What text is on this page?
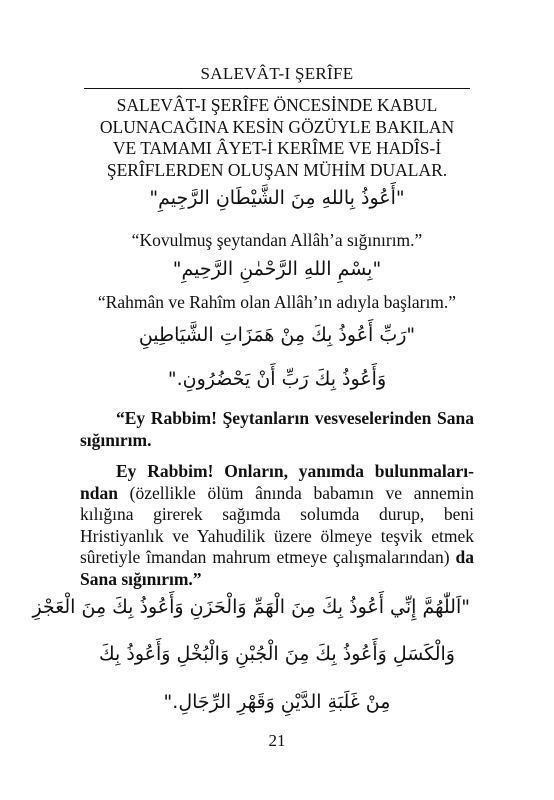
SALEVÂT-I ŞERÎFE
SALEVÂT-I ŞERÎFE ÖNCESİNDE KABUL
OLUNACAĞINA KESİN GÖZÜYLE BAKILAN
VE TAMAMI ÂYET-İ KERÎME VE HADÎS-İ
ŞERÎFLERDEN OLUŞAN MÜHİM DUALAR.
"أَعُوذُ بِاللهِ مِنَ الشَّيْطَانِ الرَّجِيمِ"
“Kovulmuş şeytandan Allâh’a sığınırım.”
"بِسْمِ اللهِ الرَّحْمٰنِ الرَّحِيمِ"
“Rahmân ve Rahîm olan Allâh’ın adıyla başlarım.”
"رَبِّ أَعُوذُ بِكَ مِنْ هَمَزَاتِ الشَّيَاطِينِ
وَأَعُوذُ بِكَ رَبِّ أَنْ يَحْضُرُونِ."

“Ey Rabbim! Şeytanların vesveselerinden Sana sığınırım.

Ey Rabbim! Onların, yanımda bulunmalarından (özellikle ölüm ânında babamın ve annemin kılığına girerek sağımda solumda durup, beni Hristiyanlık ve Yahudilik üzere ölmeye teşvik etmek sûretiyle îmandan mahrum etmeye çalışmalarından) da Sana sığınırım.”

"اَللّٰهُمَّ إِنِّي أَعُوذُ بِكَ مِنَ الْهَمِّ وَالْحَزَنِ وَأَعُوذُ بِكَ مِنَ الْعَجْزِ
وَالْكَسَلِ وَأَعُوذُ بِكَ مِنَ الْجُبْنِ وَالْبُخْلِ وَأَعُوذُ بِكَ
مِنْ غَلَبَةِ الدَّيْنِ وَقَهْرِ الرِّجَالِ."
21
